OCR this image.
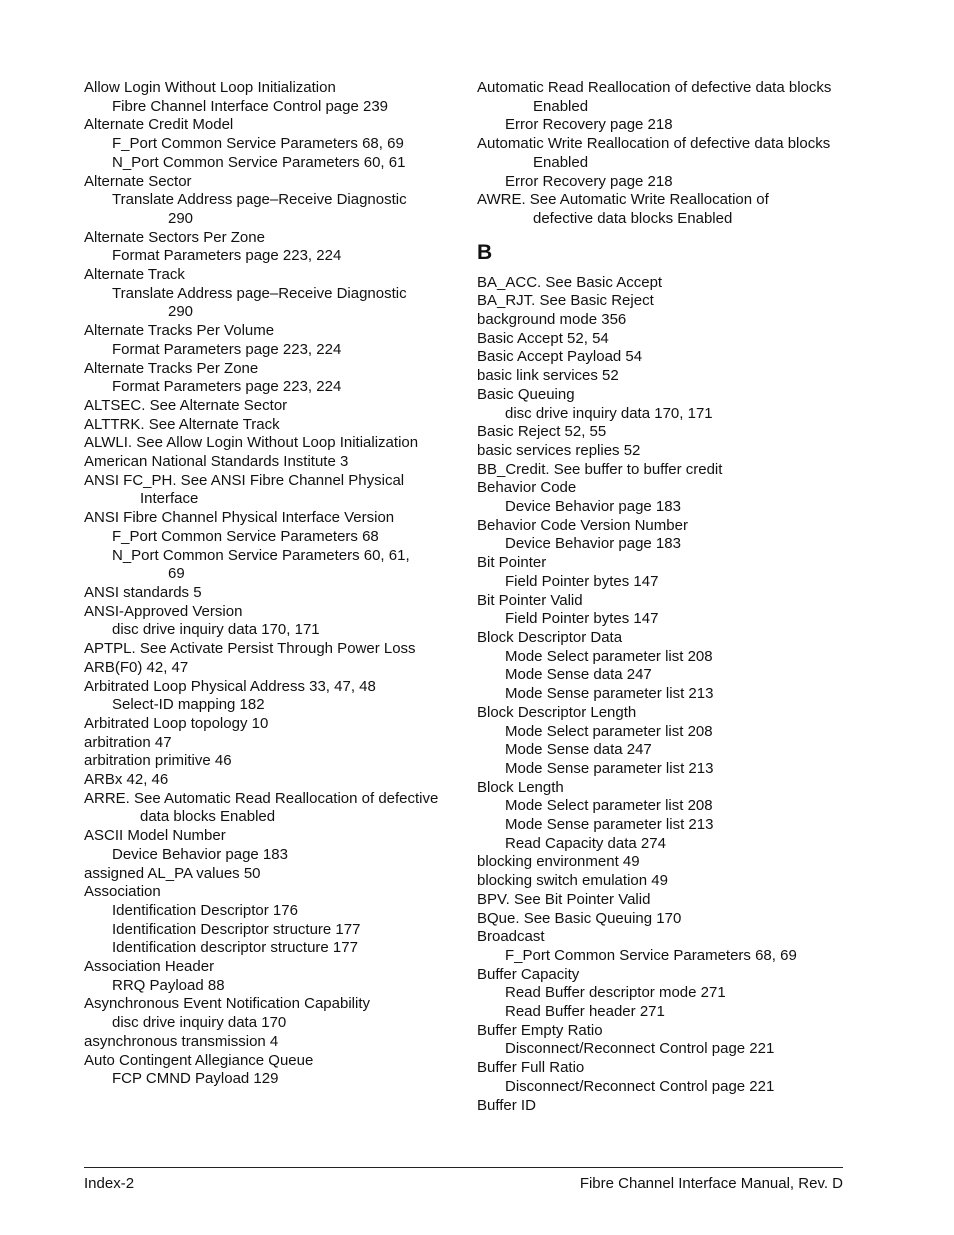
Allow Login Without Loop Initialization
Fibre Channel Interface Control page 239
Alternate Credit Model
F_Port Common Service Parameters 68, 69
N_Port Common Service Parameters 60, 61
Alternate Sector
Translate Address page–Receive Diagnostic
290
Alternate Sectors Per Zone
Format Parameters page 223, 224
Alternate Track
Translate Address page–Receive Diagnostic
290
Alternate Tracks Per Volume
Format Parameters page 223, 224
Alternate Tracks Per Zone
Format Parameters page 223, 224
ALTSEC. See Alternate Sector
ALTTRK. See Alternate Track
ALWLI. See Allow Login Without Loop Initialization
American National Standards Institute 3
ANSI FC_PH. See ANSI Fibre Channel Physical
Interface
ANSI Fibre Channel Physical Interface Version
F_Port Common Service Parameters 68
N_Port Common Service Parameters 60, 61,
69
ANSI standards 5
ANSI-Approved Version
disc drive inquiry data 170, 171
APTPL. See Activate Persist Through Power Loss
ARB(F0) 42, 47
Arbitrated Loop Physical Address 33, 47, 48
Select-ID mapping 182
Arbitrated Loop topology 10
arbitration 47
arbitration primitive 46
ARBx 42, 46
ARRE. See Automatic Read Reallocation of defective
data blocks Enabled
ASCII Model Number
Device Behavior page 183
assigned AL_PA values 50
Association
Identification Descriptor 176
Identification Descriptor structure 177
Identification descriptor structure 177
Association Header
RRQ Payload 88
Asynchronous Event Notification Capability
disc drive inquiry data 170
asynchronous transmission 4
Auto Contingent Allegiance Queue
FCP CMND Payload 129
Automatic Read Reallocation of defective data blocks
Enabled
Error Recovery page 218
Automatic Write Reallocation of defective data blocks
Enabled
Error Recovery page 218
AWRE. See Automatic Write Reallocation of
defective data blocks Enabled
B
BA_ACC. See Basic Accept
BA_RJT. See Basic Reject
background mode 356
Basic Accept 52, 54
Basic Accept Payload 54
basic link services 52
Basic Queuing
disc drive inquiry data 170, 171
Basic Reject 52, 55
basic services replies 52
BB_Credit. See buffer to buffer credit
Behavior Code
Device Behavior page 183
Behavior Code Version Number
Device Behavior page 183
Bit Pointer
Field Pointer bytes 147
Bit Pointer Valid
Field Pointer bytes 147
Block Descriptor Data
Mode Select parameter list 208
Mode Sense data 247
Mode Sense parameter list 213
Block Descriptor Length
Mode Select parameter list 208
Mode Sense data 247
Mode Sense parameter list 213
Block Length
Mode Select parameter list 208
Mode Sense parameter list 213
Read Capacity data 274
blocking environment 49
blocking switch emulation 49
BPV. See Bit Pointer Valid
BQue. See Basic Queuing 170
Broadcast
F_Port Common Service Parameters 68, 69
Buffer Capacity
Read Buffer descriptor mode 271
Read Buffer header 271
Buffer Empty Ratio
Disconnect/Reconnect Control page 221
Buffer Full Ratio
Disconnect/Reconnect Control page 221
Buffer ID
Index-2	Fibre Channel Interface Manual, Rev. D
